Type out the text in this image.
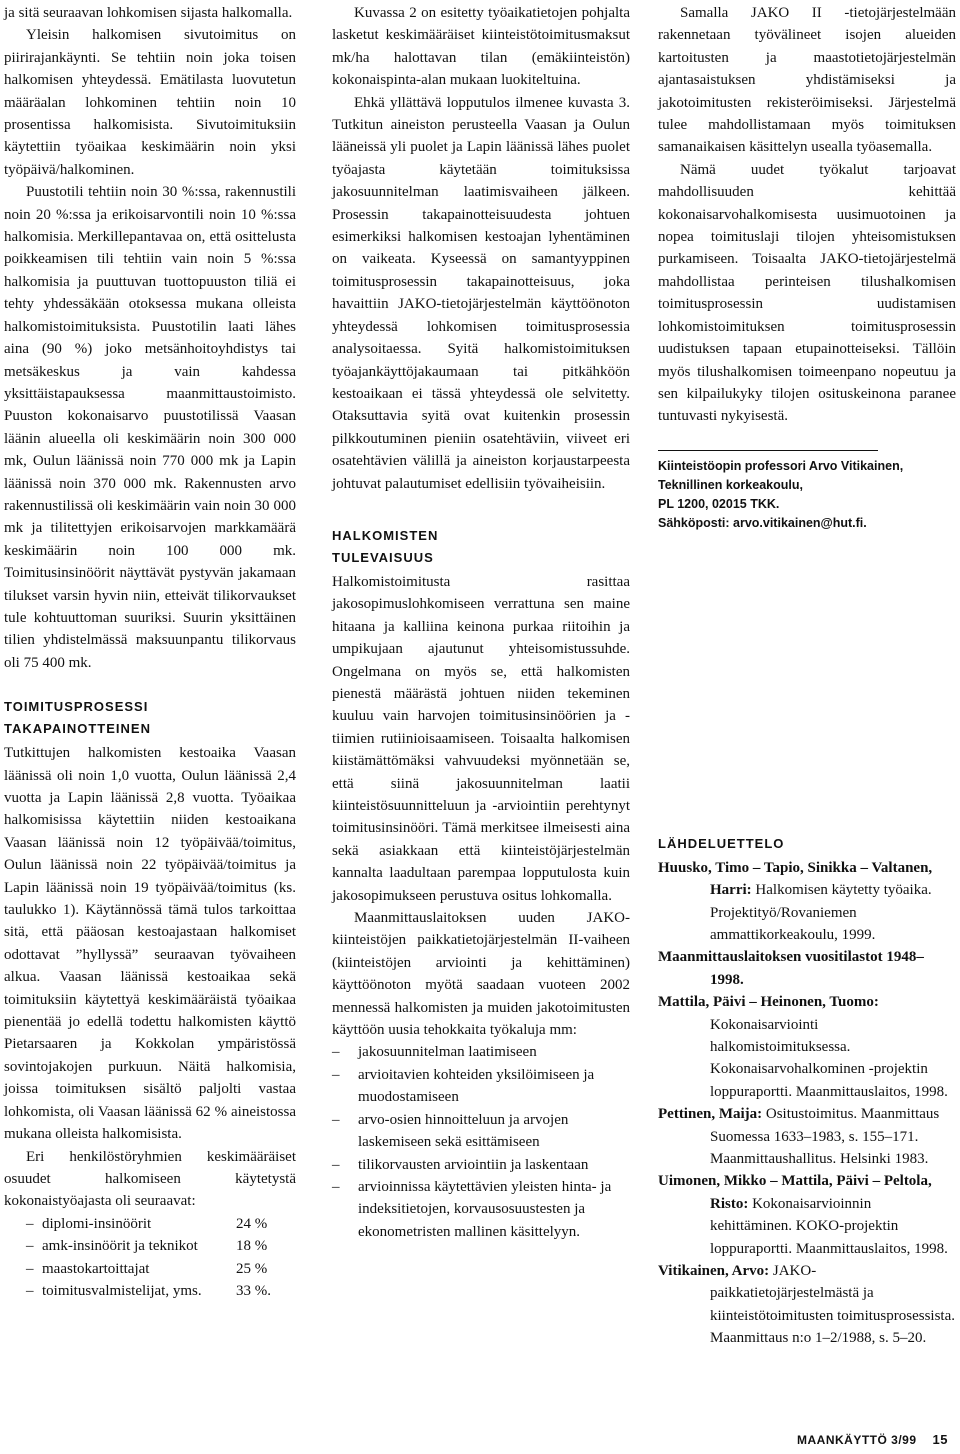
ja sitä seuraavan lohkomisen sijasta halkomalla.

Yleisin halkomisen sivutoimitus on piirirajankäynti. Se tehtiin noin joka toisen halkomisen yhteydessä. Emätilasta luovutetun määräalan lohkominen tehtiin noin 10 prosentissa halkomisista. Sivutoimituksiin käytettiin työaikaa keskimäärin noin yksi työpäivä/halkominen.

Puustotili tehtiin noin 30 %:ssa, rakennustili noin 20 %:ssa ja erikoisarvontili noin 10 %:ssa halkomisia. Merkillepantavaa on, että osittelusta poikkeamisen tili tehtiin vain noin 5 %:ssa halkomisia ja puuttuvan tuottopuuston tiliä ei tehty yhdessäkään otoksessa mukana olleista halkomistoimituksista. Puustotilin laati lähes aina (90 %) joko metsänhoitoyhdistys tai metsäkeskus ja vain kahdessa yksittäistapauksessa maanmittaustoimisto. Puuston kokonaisarvo puustotilissä Vaasan läänin alueella oli keskimäärin noin 300 000 mk, Oulun läänissä noin 770 000 mk ja Lapin läänissä noin 370 000 mk. Rakennusten arvo rakennustilissä oli keskimäärin vain noin 30 000 mk ja tilitettyjen erikoisarvojen markkamäärä keskimäärin noin 100 000 mk. Toimitusinsinöörit näyttävät pystyvän jakamaan tilukset varsin hyvin niin, etteivät tilikorvaukset tule kohtuuttoman suuriksi. Suurin yksittäinen tilien yhdistelmässä maksuunpantu tilikorvaus oli 75 400 mk.

TOIMITUSPROSESSI

TAKAPAINOTTEINEN

Tutkittujen halkomisten kestoaika Vaasan läänissä oli noin 1,0 vuotta, Oulun läänissä 2,4 vuotta ja Lapin läänissä 2,8 vuotta. Työaikaa halkomisissa käytettiin niiden kestoaikana Vaasan läänissä noin 12 työpäivää/toimitus, Oulun läänissä noin 22 työpäivää/toimitus ja Lapin läänissä noin 19 työpäivää/toimitus (ks. taulukko 1). Käytännössä tämä tulos tarkoittaa sitä, että pääosan kestoajastaan halkomiset odottavat ”hyllyssä” seuraavan työvaiheen alkua. Vaasan läänissä kestoaikaa sekä toimituksiin käytettyä keskimääräistä työaikaa pienentää jo edellä todettu halkomisten käyttö Pietarsaaren ja Kokkolan ympäristössä sovintojakojen purkuun. Näitä halkomisia, joissa toimituksen sisältö paljolti vastaa lohkomista, oli Vaasan läänissä 62 % aineistossa mukana olleista halkomisista.

Eri henkilöstöryhmien keskimääräiset osuudet halkomiseen käytetystä kokonaistyöajasta oli seuraavat:

– diplomi-insinöörit	24 %
– amk-insinöörit ja teknikot	18 %
– maastokartoittajat	25 %
– toimitusvalmistelijat, yms.	33 %.

Kuvassa 2 on esitetty työaikatietojen pohjalta lasketut keskimääräiset kiinteistötoimitusmaksut mk/ha halottavan tilan (emäkiinteistön) kokonaispinta-alan mukaan luokiteltuina.

Ehkä yllättävä lopputulos ilmenee kuvasta 3. Tutkitun aineiston perusteella Vaasan ja Oulun lääneissä yli puolet ja Lapin läänissä lähes puolet työajasta käytetään toimituksissa jakosuunnitelman laatimisvaiheen jälkeen. Prosessin takapainotteisuudesta johtuen esimerkiksi halkomisen kestoajan lyhentäminen on vaikeata. Kyseessä on samantyyppinen toimitusprosessin takapainotteisuus, joka havaittiin JAKO-tietojärjestelmän käyttöönoton yhteydessä lohkomisen toimitusprosessia analysoitaessa. Syitä halkomistoimituksen työajankäyttöjakaumaan tai pitkähköön kestoaikaan ei tässä yhteydessä ole selvitetty. Otaksuttavia syitä ovat kuitenkin prosessin pilkkoutuminen pieniin osatehtäviin, viiveet eri osatehtävien välillä ja aineiston korjaustarpeesta johtuvat palautumiset edellisiin työvaiheisiin.

HALKOMISTEN

TULEVAISUUS

Halkomistoimitusta rasittaa jakosopimuslohkomiseen verrattuna sen maine hitaana ja kalliina keinona purkaa riitoihin ja umpikujaan ajautunut yhteisomistussuhde. Ongelmana on myös se, että halkomisten pienestä määrästä johtuen niiden tekeminen kuuluu vain harvojen toimitusinsinöörien ja -tiimien rutiinioisaamiseen. Toisaalta halkomisen kiistämättömäksi vahvuudeksi myönnetään se, että siinä jakosuunnitelman laatii kiinteistösuunnitteluun ja -arviointiin perehtynyt toimitusinsinööri. Tämä merkitsee ilmeisesti aina sekä asiakkaan että kiinteistöjärjestelmän kannalta laadultaan parempaa lopputulosta kuin jakosopimukseen perustuva ositus lohkomalla.

Maanmittauslaitoksen uuden JAKO-kiinteistöjen paikkatietojärjestelmän II-vaiheen (kiinteistöjen arviointi ja kehittäminen) käyttöönoton myötä saadaan vuoteen 2002 mennessä halkomisten ja muiden jakotoimitusten käyttöön uusia tehokkaita työkaluja mm:

– jakosuunnitelman laatimiseen
– arvioitavien kohteiden yksilöimiseen ja muodostamiseen
– arvo-osien hinnoitteluun ja arvojen laskemiseen sekä esittämiseen
– tilikorvausten arviointiin ja laskentaan
– arvioinnissa käytettävien yleisten hinta- ja indeksitietojen, korvausosuustesten ja ekonometristen mallinen käsittelyyn.

Samalla JAKO II -tietojärjestelmään rakennetaan työvälineet isojen alueiden kartoitusten ja maastotietojärjestelmän ajantasaistuksen yhdistämiseksi ja jakotoimitusten rekisteröimiseksi. Järjestelmä tulee mahdollistamaan myös toimituksen samanaikaisen käsittelyn usealla työasemalla.

Nämä uudet työkalut tarjoavat mahdollisuuden kehittää kokonaisarvohalkomisesta uusimuotoinen ja nopea toimituslaji tilojen yhteisomistuksen purkamiseen. Toisaalta JAKO-tietojärjestelmä mahdollistaa perinteisen tilushalkomisen toimitusprosessin uudistamisen lohkomistoimituksen toimitusprosessin uudistuksen tapaan etupainotteiseksi. Tällöin myös tilushalkomisen toimeenpano nopeutuu ja sen kilpailukyky tilojen osituskeinona paranee tuntuvasti nykyisestä.

Kiinteistöopin professori Arvo Vitikainen,

Teknillinen korkeakoulu,

PL 1200, 02015 TKK.

Sähköposti: arvo.vitikainen@hut.fi.

LÄHDELUETTELO

Huusko, Timo – Tapio, Sinikka – Valtanen, Harri: Halkomisen käytetty työaika. Projektityö/Rovaniemen ammattikorkeakoulu, 1999.
Maanmittauslaitoksen vuositilastot 1948–1998.
Mattila, Päivi – Heinonen, Tuomo: Kokonaisarviointi halkomistoimituksessa. Kokonaisarvohalkominen -projektin loppuraportti. Maanmittauslaitos, 1998.
Pettinen, Maija: Ositustoimitus. Maanmittaus Suomessa 1633–1983, s. 155–171. Maanmittaushallitus. Helsinki 1983.
Uimonen, Mikko – Mattila, Päivi – Peltola, Risto: Kokonaisarvioinnin kehittäminen. KOKO-projektin loppuraportti. Maanmittauslaitos, 1998.
Vitikainen, Arvo: JAKO-paikkatietojärjestelmästä ja kiinteistötoimitusten toimitusprosessista. Maanmittaus n:o 1–2/1988, s. 5–20.
MAANKÄYTTÖ 3/99 15
